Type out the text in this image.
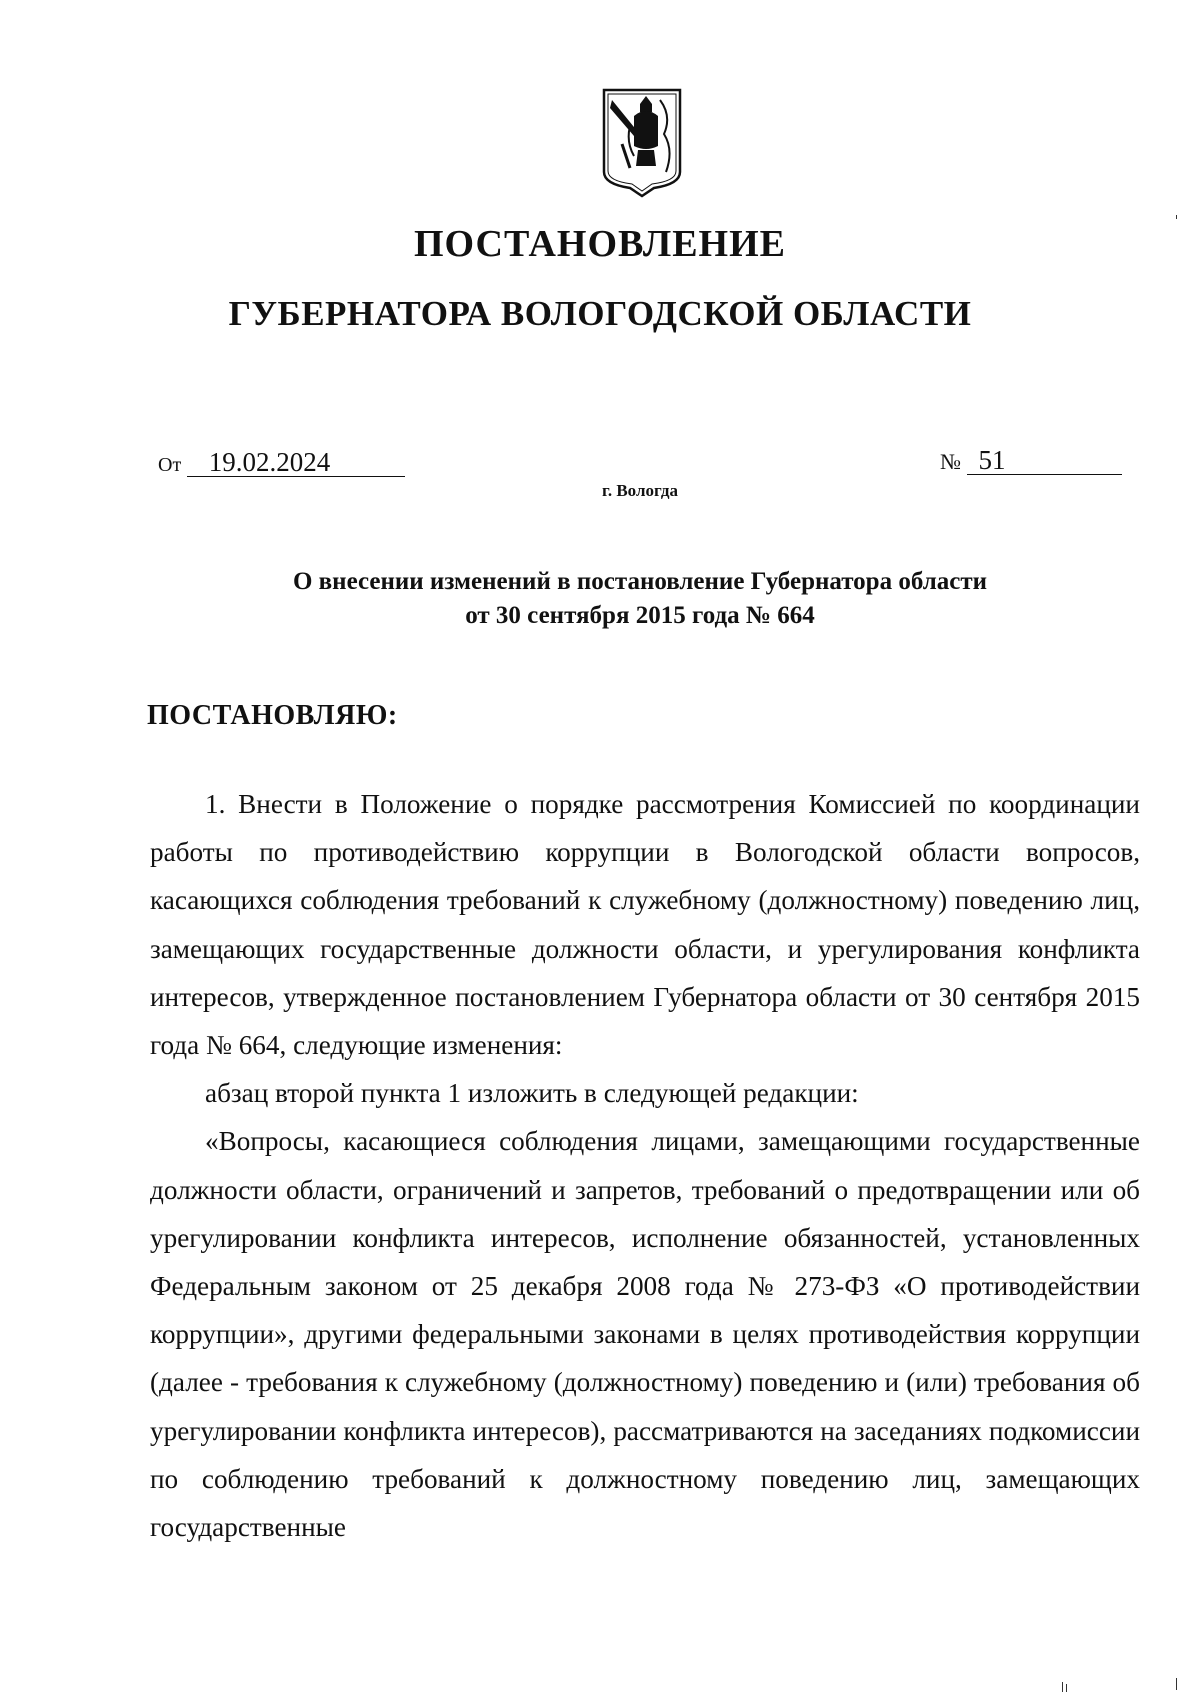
ПОСТАНОВЛЕНИЕ
ГУБЕРНАТОРА ВОЛОГОДСКОЙ ОБЛАСТИ
От 19.02.2024	№ 51
г. Вологда
О внесении изменений в постановление Губернатора области
от 30 сентября 2015 года № 664
ПОСТАНОВЛЯЮ:

1. Внести в Положение о порядке рассмотрения Комиссией по координации работы по противодействию коррупции в Вологодской области вопросов, касающихся соблюдения требований к служебному (должностному) поведению лиц, замещающих государственные должности области, и урегулирования конфликта интересов, утвержденное постановлением Губернатора области от 30 сентября 2015 года № 664, следующие изменения:

абзац второй пункта 1 изложить в следующей редакции:

«Вопросы, касающиеся соблюдения лицами, замещающими государственные должности области, ограничений и запретов, требований о предотвращении или об урегулировании конфликта интересов, исполнение обязанностей, установленных Федеральным законом от 25 декабря 2008 года № 273-ФЗ «О противодействии коррупции», другими федеральными законами в целях противодействия коррупции (далее - требования к служебному (должностному) поведению и (или) требования об урегулировании конфликта интересов), рассматриваются на заседаниях подкомиссии по соблюдению требований к должностному поведению лиц, замещающих государственные
